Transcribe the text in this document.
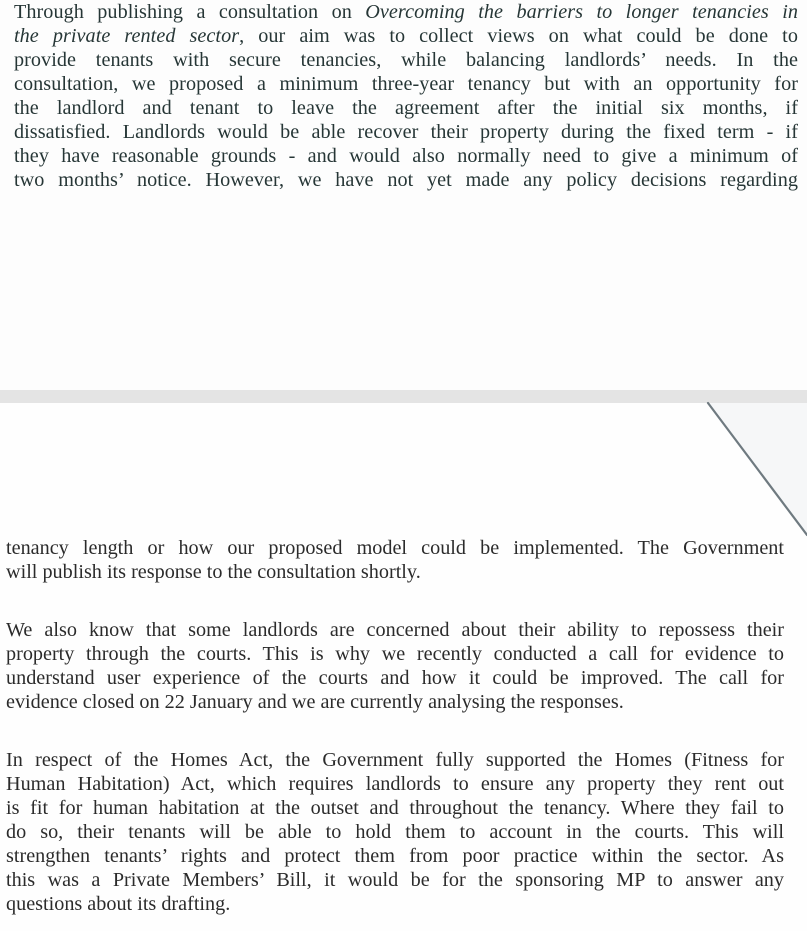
Through publishing a consultation on Overcoming the barriers to longer tenancies in
the private rented sector, our aim was to collect views on what could be done to
provide tenants with secure tenancies, while balancing landlords’ needs. In the
consultation, we proposed a minimum three-year tenancy but with an opportunity for
the landlord and tenant to leave the agreement after the initial six months, if
dissatisfied. Landlords would be able recover their property during the fixed term - if
they have reasonable grounds - and would also normally need to give a minimum of
two months’ notice. However, we have not yet made any policy decisions regarding
tenancy length or how our proposed model could be implemented. The Government
will publish its response to the consultation shortly.
We also know that some landlords are concerned about their ability to repossess their
property through the courts. This is why we recently conducted a call for evidence to
understand user experience of the courts and how it could be improved. The call for
evidence closed on 22 January and we are currently analysing the responses.
In respect of the Homes Act, the Government fully supported the Homes (Fitness for
Human Habitation) Act, which requires landlords to ensure any property they rent out
is fit for human habitation at the outset and throughout the tenancy. Where they fail to
do so, their tenants will be able to hold them to account in the courts. This will
strengthen tenants’ rights and protect them from poor practice within the sector. As
this was a Private Members’ Bill, it would be for the sponsoring MP to answer any
questions about its drafting.
